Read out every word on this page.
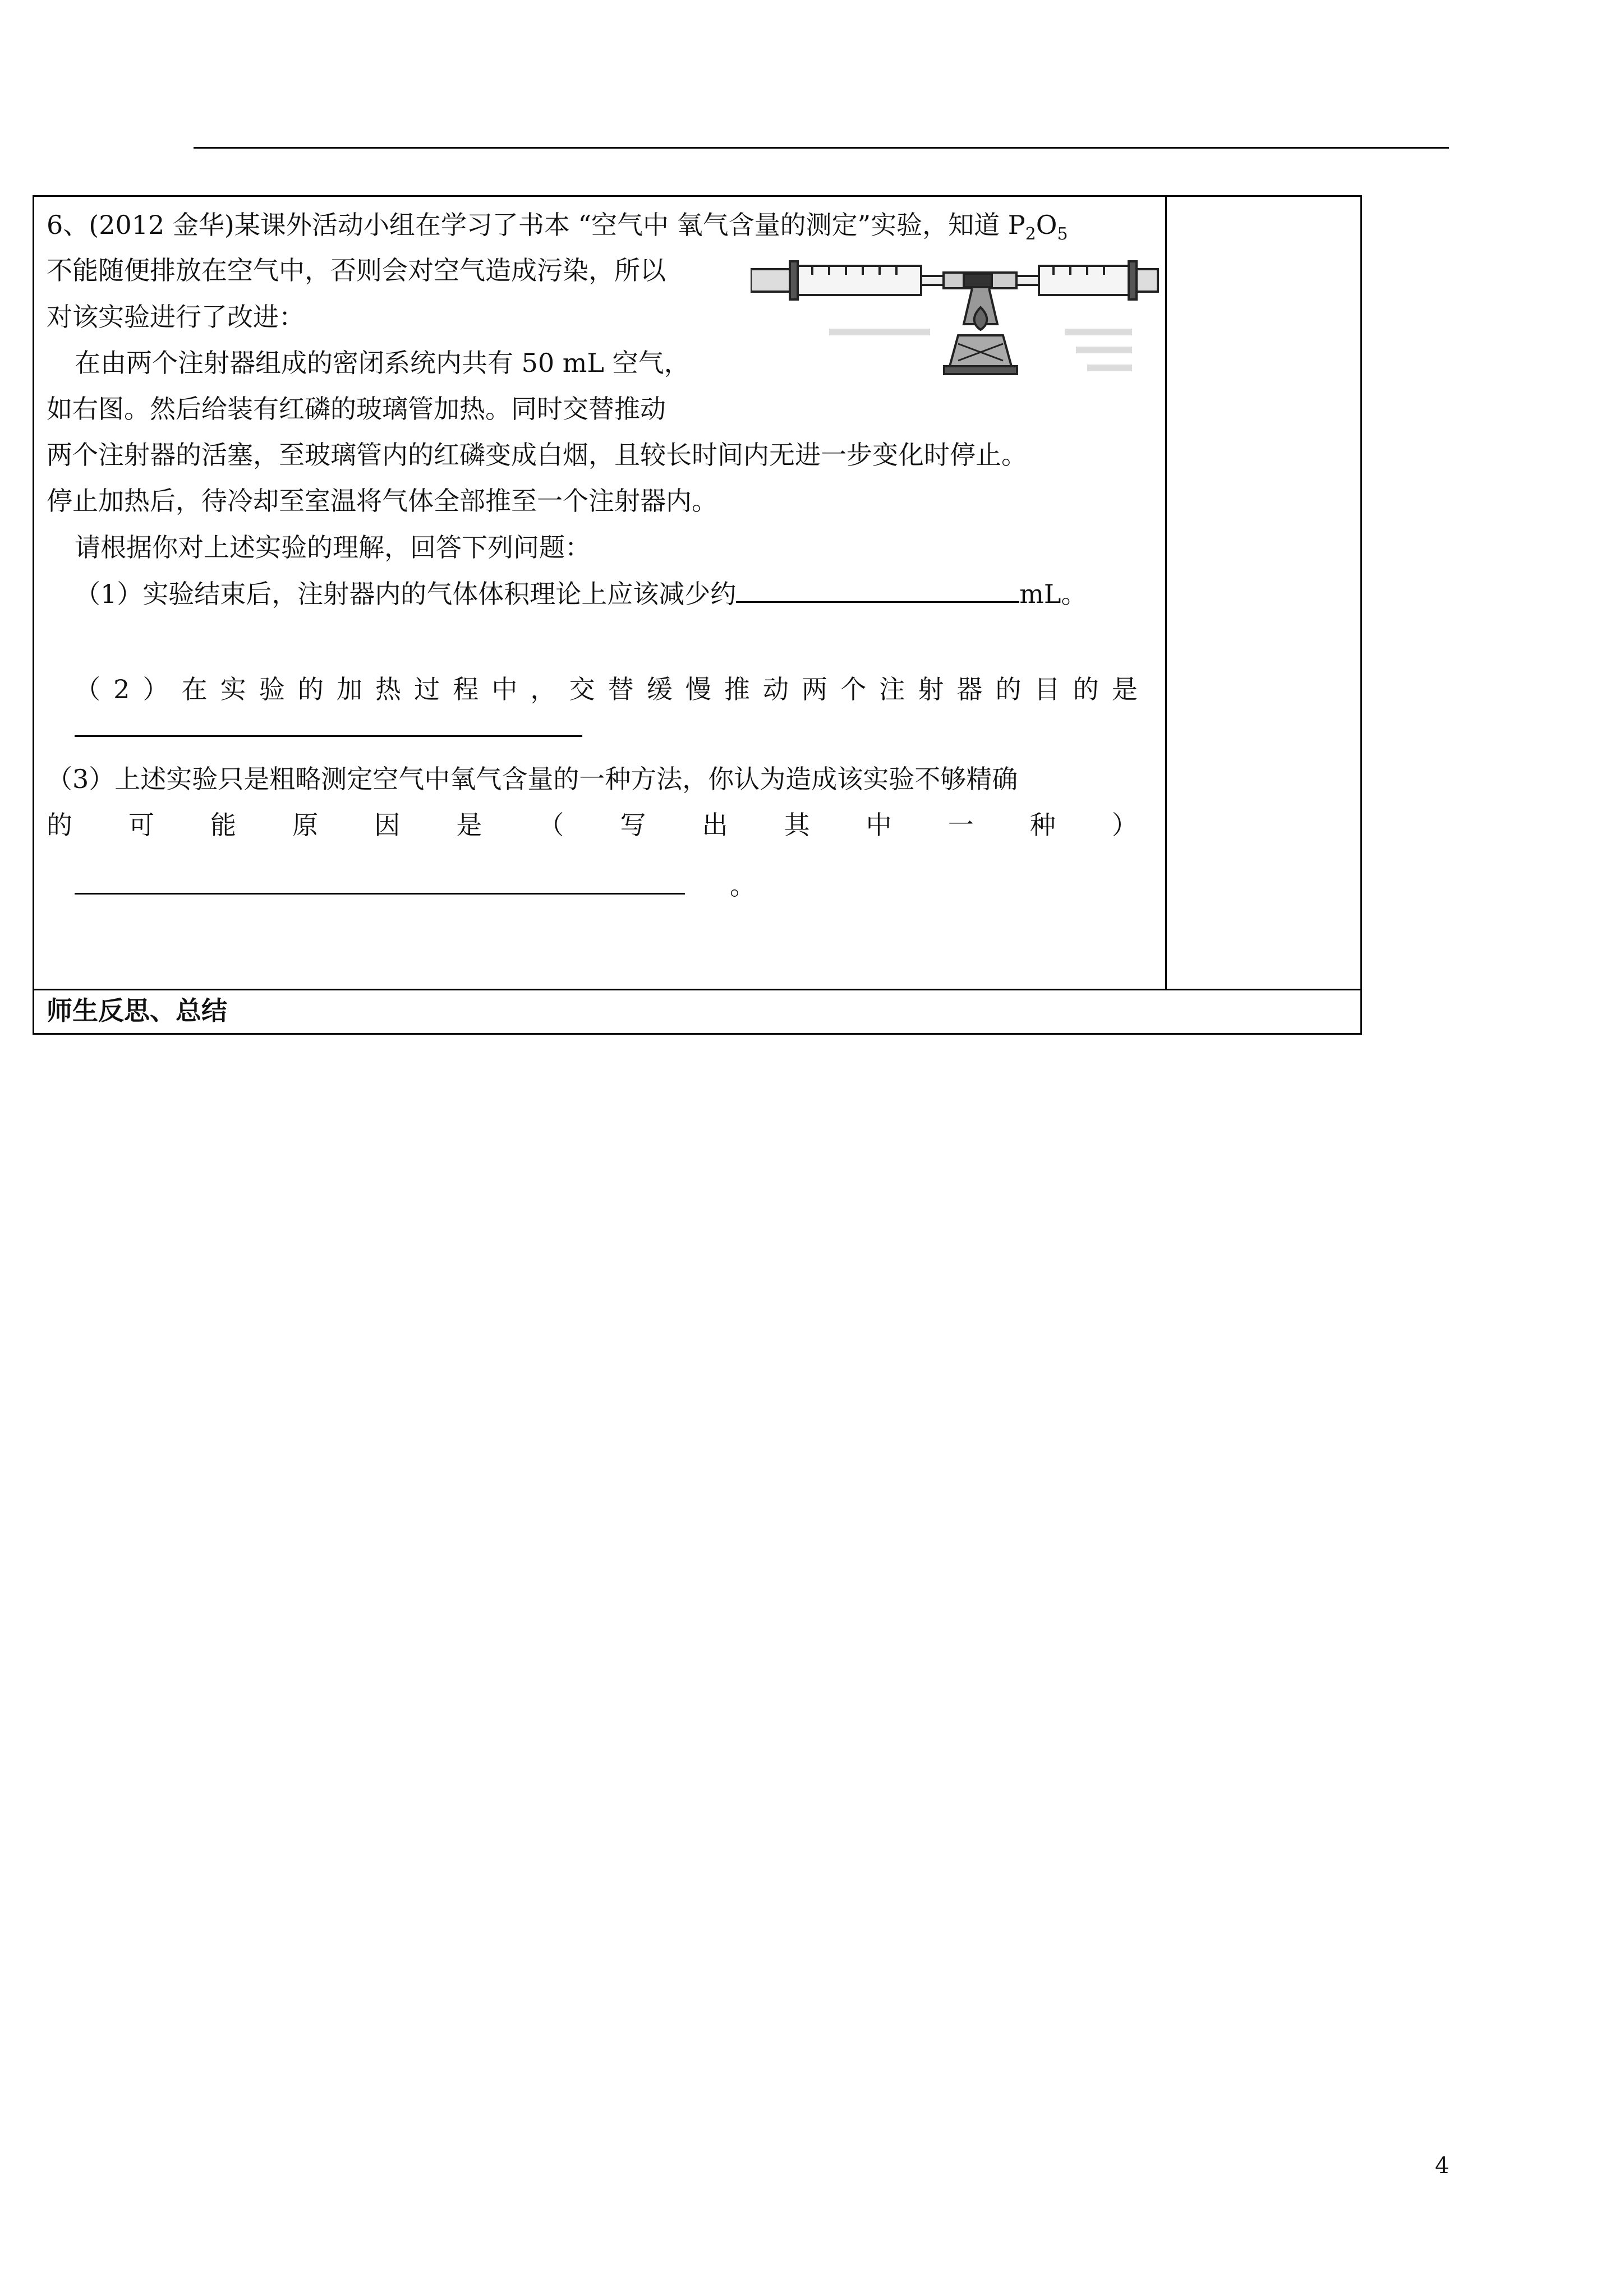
6、(2012 金华)某课外活动小组在学习了书本 “空气中 氧气含量的测定”实验，知道 $P_2O_5$
不能随便排放在空气中，否则会对空气造成污染，所以
对该实验进行了改进：
在由两个注射器组成的密闭系统内共有 50 mL 空气，
如右图。然后给装有红磷的玻璃管加热。同时交替推动
两个注射器的活塞，至玻璃管内的红磷变成白烟，且较长时间内无进一步变化时停止。
停止加热后，待冷却至室温将气体全部推至一个注射器内。
请根据你对上述实验的理解，回答下列问题：
（1）实验结束后，注射器内的气体体积理论上应该减少约	mL。
（ 2 ） 在 实 验 的 加 热 过 程 中 ， 交 替 缓 慢 推 动 两 个 注 射 器 的 目 的 是
（3）上述实验只是粗略测定空气中氧气含量的一种方法，你认为造成该实验不够精确
的 可 能 原 因 是 （ 写 出 其 中 一 种 ）
。
师生反思、总结
4
